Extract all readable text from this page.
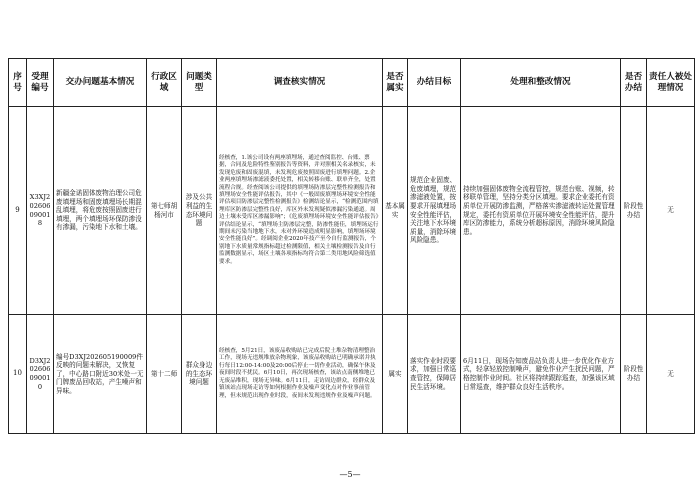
序号	受理编号	交办问题基本情况	行政区域	问题类型	调查核实情况	是否属实	办结目标	处理和整改情况	是否办结	责任人被处理情况
9	X3XJ202606090018	新疆金诺固体废物治理公司危废填埋场和固废填埋场长期混乱填埋，将危废按照固废进行填埋，两个填埋场环保防渗没有渗漏，污染地下水和土壤。	第七师胡杨河市	涉及公共利益的生态环境问题	经核查，1.该公司设有两座填埋场，通过查阅监控、台账、票据，合同及危险特性鉴别报告等资料，并对照相关名录核实，未发现危废和固废混填，未发现危废按照固废进行填埋问题。2.企业两座填埋场渗滤液委托处置，相关转移台账、联单齐全，处置流程合规。经查阅该公司提供的填埋场防渗层完整性检测报告和填埋场安全性能评估报告，其中《一般固废填埋场环境安全性能评估项目防渗层完整性检测报告》检测结论显示，“检测范围内填埋库区防渗层完整性良好，库区外未发现疑似渗漏污染通道。周边土壤未受库区渗漏影响”；《危废填埋场环境安全性能评估报告》评估结论显示，“填埋场主防渗层完整，防渗性能佳，填埋场运行期间未污染当地地下水，未对外环境造成明显影响，填埋场环境安全性能良好”。经调阅企业2020年技产至今自行监测报告，个别地下水质量常规指标超过检测限值，相关土壤检测报告及自行监测数据显示，场区土壤各项指标均符合第二类用地风险筛选值要求。	基本属实	规范企业固废、危废填埋，规范渗滤液处置，按要求开展填埋场安全性能评估，关注地下水环境质量，消除环境风险隐患。	持续加强固体废物全流程管控，规范台账、视频，转移联单管理，坚持分类分区填埋。要求企业委托有资质单位开展防渗监测，严格落实渗滤液转运处置管理规定，委托有资质单位开展环境安全性能评估，提升库区防渗能力，系统分析超标原因，消除环境风险隐患。	阶段性办结	无
10	D3XJ202606090010	编号D3XJ202605190009件反映的问题未解决，又恢复了，中心路口附近30米处一无门牌废品回收站，产生噪声和异味。	第十二师	群众身边的生态环境问题	经核查，5月21日，该废品收购站已完成后院土堆杂物清理整治工作，现场无违规堆放杂物现象，该废品收购站已明确承诺并执行每日12:00-14:00及20:00后停止一切作业活动，确保午休及夜间时段不扰民。6月10日，再次现场核查，该站点南侧堆地已无废品堆积，现场无异味。6月11日，走访周边群众，经群众及镇该站点现场走访等如何根据作业及噪声变化点对作业事前管理，但未规范出现作业时段，夜间未发现违规作业及噪声问题。	属实	落实作业时段要求，加强日常巡查管控，保障居民生活环境。	6月11日，现场告知废品站负责人进一步优化作业方式，轻拿轻放控制噪声，避免作业产生扰民问题，严格控制作业时间。社区将持续跟踪巡查，加强该区域日常巡查，维护群众良好生活秩序。	阶段性办结	无
—5—
